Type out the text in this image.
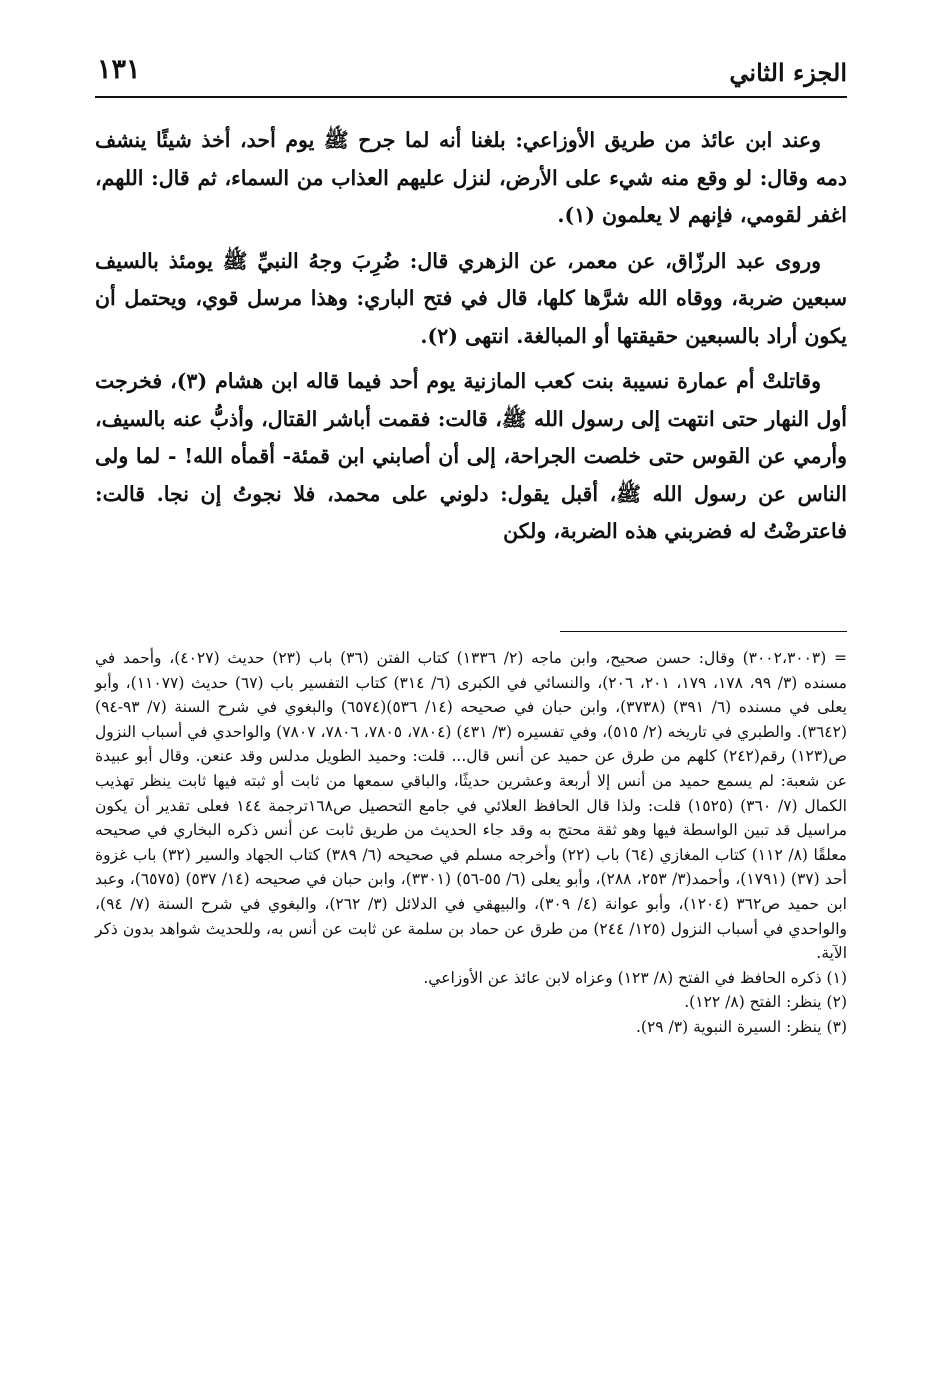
الجزء الثاني
١٣١

وعند ابن عائذ من طريق الأوزاعي: بلغنا أنه لما جرح ﷺ يوم أحد، أخذ شيئًا ينشف دمه وقال: لو وقع منه شيء على الأرض، لنزل عليهم العذاب من السماء، ثم قال: اللهم، اغفر لقومي، فإنهم لا يعلمون (١).

وروى عبد الرزّاق، عن معمر، عن الزهري قال: ضُرِبَ وجهُ النبيِّ ﷺ يومئذ بالسيف سبعين ضربة، ووقاه الله شرَّها كلها، قال في فتح الباري: وهذا مرسل قوي، ويحتمل أن يكون أراد بالسبعين حقيقتها أو المبالغة. انتهى (٢).

وقاتلتْ أم عمارة نسيبة بنت كعب المازنية يوم أحد فيما قاله ابن هشام (٣)، فخرجت أول النهار حتى انتهت إلى رسول الله ﷺ، قالت: فقمت أباشر القتال، وأذبُّ عنه بالسيف، وأرمي عن القوس حتى خلصت الجراحة، إلى أن أصابني ابن قمئة- أقمأه الله! - لما ولى الناس عن رسول الله ﷺ، أقبل يقول: دلوني على محمد، فلا نجوتُ إن نجا. قالت: فاعترضْتُ له فضربني هذه الضربة، ولكن

= (٣٠٠٢،٣٠٠٣) وقال: حسن صحيح، وابن ماجه (٢/ ١٣٣٦) كتاب الفتن (٣٦) باب (٢٣) حديث (٤٠٢٧)، وأحمد في مسنده (٣/ ٩٩، ١٧٨، ١٧٩، ٢٠١، ٢٠٦)، والنسائي في الكبرى (٦/ ٣١٤) كتاب التفسير باب (٦٧) حديث (١١٠٧٧)، وأبو يعلى في مسنده (٦/ ٣٩١) (٣٧٣٨)، وابن حبان في صحيحه (١٤/ ٥٣٦)(٦٥٧٤) والبغوي في شرح السنة (٧/ ٩٣-٩٤) (٣٦٤٢). والطبري في تاريخه (٢/ ٥١٥)، وفي تفسيره (٣/ ٤٣١) (٧٨٠٤، ٧٨٠٥، ٧٨٠٦، ٧٨٠٧) والواحدي في أسباب النزول ص(١٢٣) رقم(٢٤٢) كلهم من طرق عن حميد عن أنس قال... قلت: وحميد الطويل مدلس وقد عنعن. وقال أبو عبيدة عن شعبة: لم يسمع حميد من أنس إلا أربعة وعشرين حديثًا، والباقي سمعها من ثابت أو ثبته فيها ثابت ينظر تهذيب الكمال (٧/ ٣٦٠) (١٥٢٥) قلت: ولذا قال الحافظ العلائي في جامع التحصيل ص١٦٨ترجمة ١٤٤ فعلى تقدير أن يكون مراسيل قد تبين الواسطة فيها وهو ثقة محتج به وقد جاء الحديث من طريق ثابت عن أنس ذكره البخاري في صحيحه معلقًا (٨/ ١١٢) كتاب المغازي (٦٤) باب (٢٢) وأخرجه مسلم في صحيحه (٦/ ٣٨٩) كتاب الجهاد والسير (٣٢) باب غزوة أحد (٣٧) (١٧٩١)، وأحمد(٣/ ٢٥٣، ٢٨٨)، وأبو يعلى (٦/ ٥٥-٥٦) (٣٣٠١)، وابن حبان في صحيحه (١٤/ ٥٣٧) (٦٥٧٥)، وعبد ابن حميد ص٣٦٢ (١٢٠٤)، وأبو عوانة (٤/ ٣٠٩)، والبيهقي في الدلائل (٣/ ٢٦٢)، والبغوي في شرح السنة (٧/ ٩٤)، والواحدي في أسباب النزول (١٢٥/ ٢٤٤) من طرق عن حماد بن سلمة عن ثابت عن أنس به، وللحديث شواهد بدون ذكر الآية.

(١) ذكره الحافظ في الفتح (٨/ ١٢٣) وعزاه لابن عائذ عن الأوزاعي.

(٢) ينظر: الفتح (٨/ ١٢٢).

(٣) ينظر: السيرة النبوية (٣/ ٢٩).
